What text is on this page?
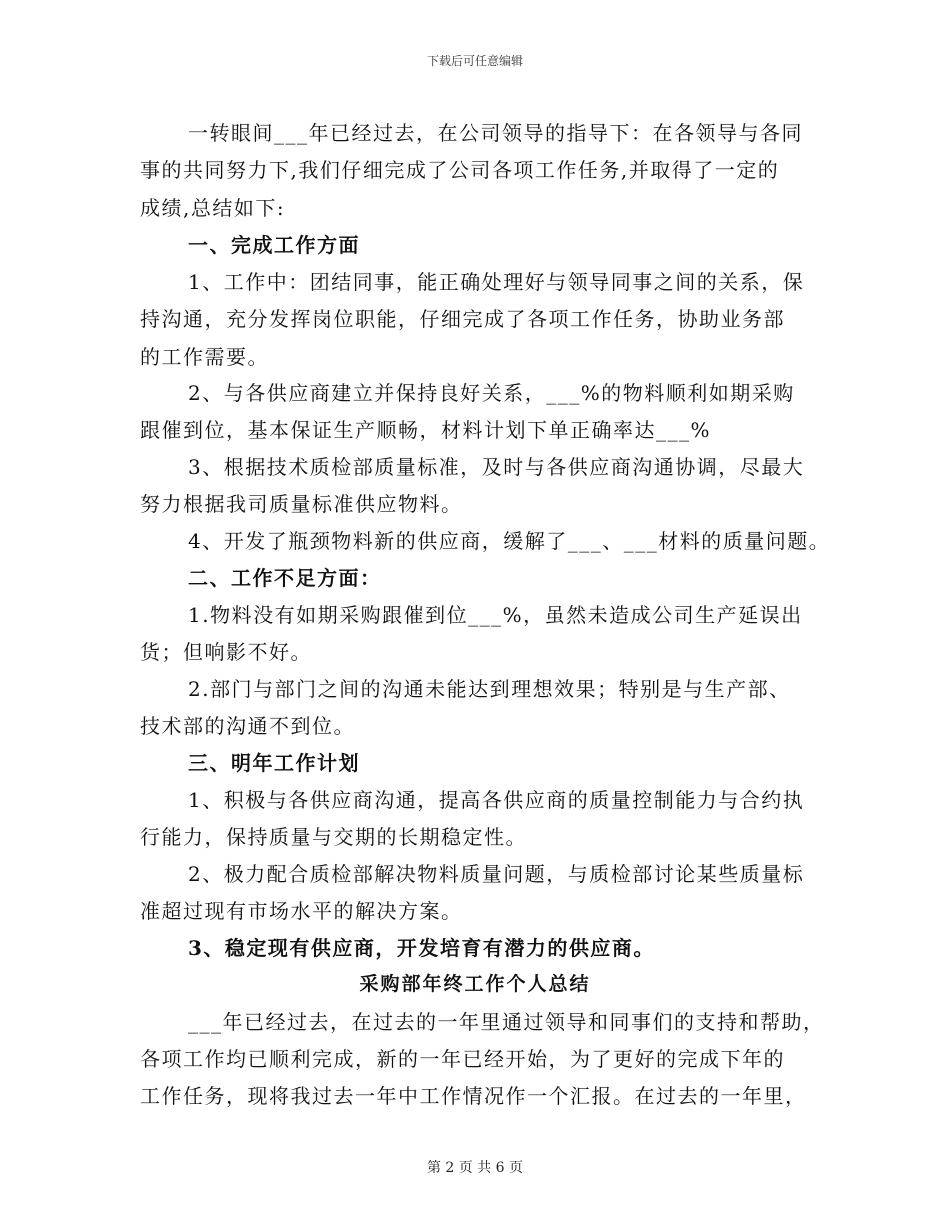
下载后可任意编辑
一转眼间___年已经过去，在公司领导的指导下：在各领导与各同
事的共同努力下,我们仔细完成了公司各项工作任务,并取得了一定的
成绩,总结如下:
一、完成工作方面
1、工作中：团结同事，能正确处理好与领导同事之间的关系，保
持沟通，充分发挥岗位职能，仔细完成了各项工作任务，协助业务部
的工作需要。
2、与各供应商建立并保持良好关系，___%的物料顺利如期采购
跟催到位，基本保证生产顺畅，材料计划下单正确率达___%
3、根据技术质检部质量标准，及时与各供应商沟通协调，尽最大
努力根据我司质量标准供应物料。
4、开发了瓶颈物料新的供应商，缓解了___、___材料的质量问题。
二、工作不足方面：
1.物料没有如期采购跟催到位___%，虽然未造成公司生产延误出
货；但响影不好。
2.部门与部门之间的沟通未能达到理想效果；特别是与生产部、
技术部的沟通不到位。
三、明年工作计划
1、积极与各供应商沟通，提高各供应商的质量控制能力与合约执
行能力，保持质量与交期的长期稳定性。
2、极力配合质检部解决物料质量问题，与质检部讨论某些质量标
准超过现有市场水平的解决方案。
3、稳定现有供应商，开发培育有潜力的供应商。
采购部年终工作个人总结
___年已经过去，在过去的一年里通过领导和同事们的支持和帮助，
各项工作均已顺利完成，新的一年已经开始，为了更好的完成下年的
工作任务，现将我过去一年中工作情况作一个汇报。在过去的一年里，
第 2 页 共 6 页
